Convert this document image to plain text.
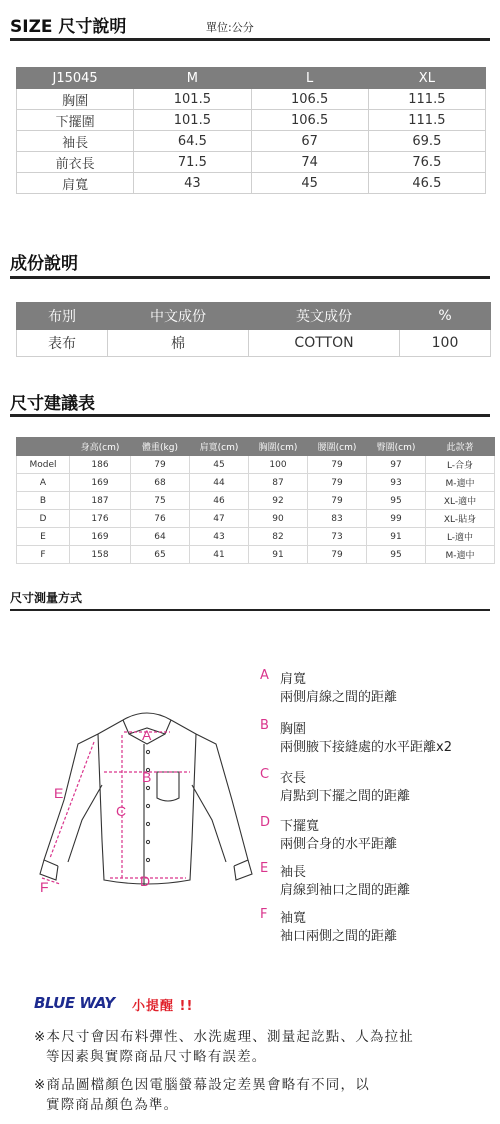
SIZE 尺寸說明	單位:公分
J15045	M	L	XL
胸圍	101.5	106.5	111.5
下擺圍	101.5	106.5	111.5
袖長	64.5	67	69.5
前衣長	71.5	74	76.5
肩寬	43	45	46.5
成份說明
布別	中文成份	英文成份	%
表布	棉	COTTON	100
尺寸建議表
	身高(cm)	體重(kg)	肩寬(cm)	胸圍(cm)	腰圍(cm)	臀圍(cm)	此款著
Model	186	79	45	100	79	97	L-合身
A	169	68	44	87	79	93	M-適中
B	187	75	46	92	79	95	XL-適中
D	176	76	47	90	83	99	XL-貼身
E	169	64	43	82	73	91	L-適中
F	158	65	41	91	79	95	M-適中
尺寸測量方式
A
B
C
D
E
F
A 肩寬
兩側肩線之間的距離
B 胸圍
兩側腋下接縫處的水平距離x2
C 衣長
肩點到下擺之間的距離
D 下擺寬
兩側合身的水平距離
E 袖長
肩線到袖口之間的距離
F 袖寬
袖口兩側之間的距離
BLUE WAY 小提醒 !!
※本尺寸會因布料彈性、水洗處理、測量起訖點、人為拉扯
等因素與實際商品尺寸略有誤差。
※商品圖檔顏色因電腦螢幕設定差異會略有不同，以
實際商品顏色為準。
